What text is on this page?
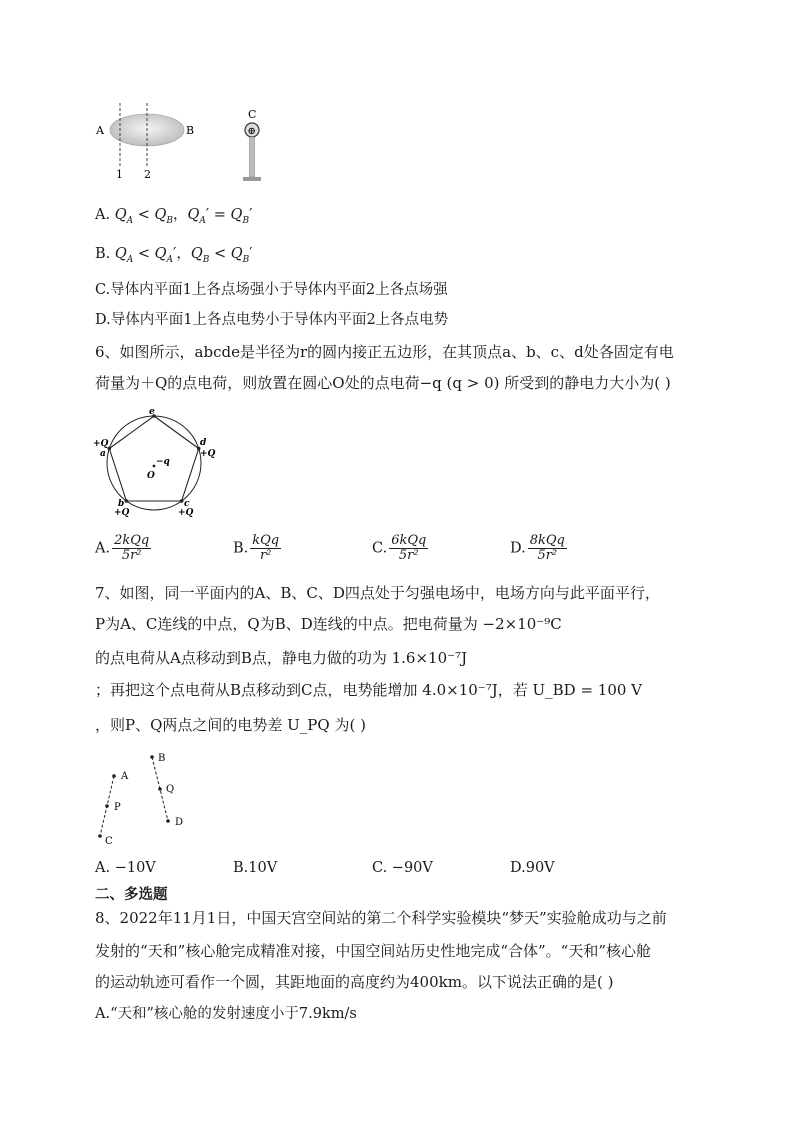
A	B
1 2
C
⊕
A. $Q_A < Q_B$，$Q_A' = Q_B'$
B. $Q_A < Q_A'$，$Q_B < Q_B'$
C.导体内平面1上各点场强小于导体内平面2上各点场强
D.导体内平面1上各点电势小于导体内平面2上各点电势
6、如图所示，abcde是半径为r的圆内接正五边形，在其顶点a、b、c、d处各固定有电
荷量为＋Q的点电荷，则放置在圆心O处的点电荷−q (q > 0) 所受到的静电力大小为( )
e
d
+Q
+Q
a
b
+Q
c
+Q
−q
O
A. $\frac{\text{2kQq}}{\text{5r²}}$	B. $\frac{\text{kQq}}{\text{r²}}$	C. $\frac{\text{6kQq}}{\text{5r²}}$	D. $\frac{\text{8kQq}}{\text{5r²}}$
7、如图，同一平面内的A、B、C、D四点处于匀强电场中，电场方向与此平面平行，
P为A、C连线的中点，Q为B、D连线的中点。把电荷量为 −2×10⁻⁹C
的点电荷从A点移动到B点，静电力做的功为 1.6×10⁻⁷J
；再把这个点电荷从B点移动到C点，电势能增加 4.0×10⁻⁷J，若 U_BD = 100 V
，则P、Q两点之间的电势差 U_PQ 为( )
A
P
C
B
Q
D
A. −10V	B.10V	C. −90V	D.90V
二、多选题
8、2022年11月1日，中国天宫空间站的第二个科学实验模块“梦天”实验舱成功与之前
发射的“天和”核心舱完成精准对接，中国空间站历史性地完成“合体”。“天和”核心舱
的运动轨迹可看作一个圆，其距地面的高度约为400km。以下说法正确的是( )
A.“天和”核心舱的发射速度小于7.9km/s
